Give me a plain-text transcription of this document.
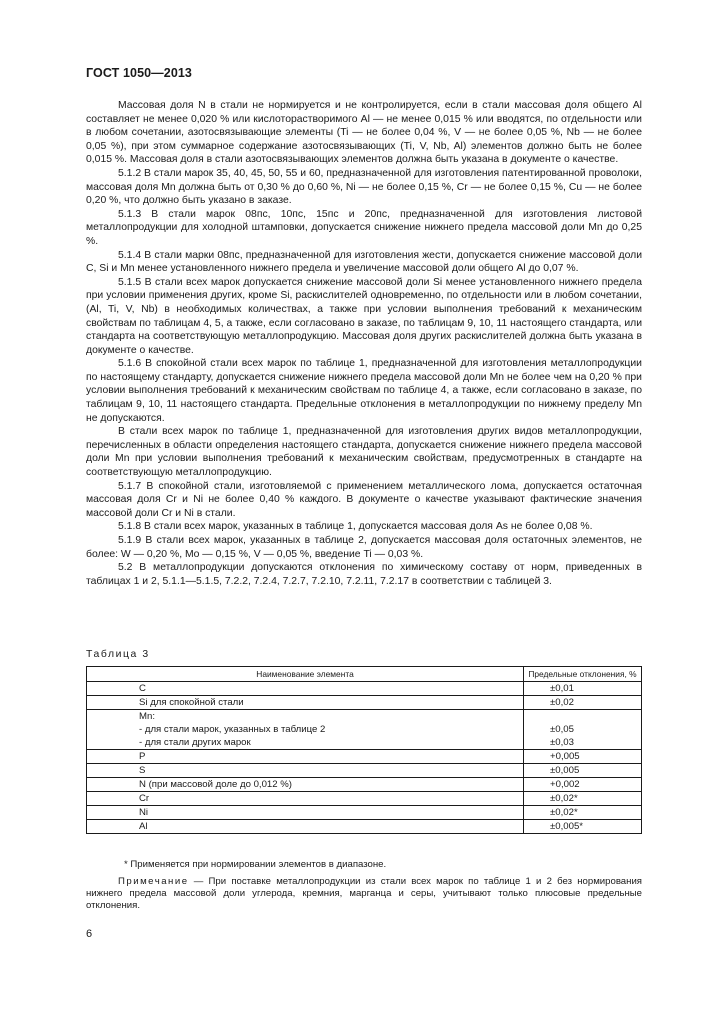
ГОСТ 1050—2013

Массовая доля N в стали не нормируется и не контролируется, если в стали массовая доля общего Al составляет не менее 0,020 % или кислоторастворимого Al — не менее 0,015 % или вводятся, по отдельности или в любом сочетании, азотосвязывающие элементы (Ti — не более 0,04 %, V — не более 0,05 %, Nb — не более 0,05 %), при этом суммарное содержание азотосвязывающих (Ti, V, Nb, Al) элементов должно быть не более 0,015 %. Массовая доля в стали азотосвязывающих элементов должна быть указана в документе о качестве.

5.1.2 В стали марок 35, 40, 45, 50, 55 и 60, предназначенной для изготовления патентированной проволоки, массовая доля Mn должна быть от 0,30 % до 0,60 %, Ni — не более 0,15 %, Cr — не более 0,15 %, Cu — не более 0,20 %, что должно быть указано в заказе.

5.1.3 В стали марок 08пс, 10пс, 15пс и 20пс, предназначенной для изготовления листовой металлопродукции для холодной штамповки, допускается снижение нижнего предела массовой доли Mn до 0,25 %.

5.1.4 В стали марки 08пс, предназначенной для изготовления жести, допускается снижение массовой доли C, Si и Mn менее установленного нижнего предела и увеличение массовой доли общего Al до 0,07 %.

5.1.5 В стали всех марок допускается снижение массовой доли Si менее установленного нижнего предела при условии применения других, кроме Si, раскислителей одновременно, по отдельности или в любом сочетании, (Al, Ti, V, Nb) в необходимых количествах, а также при условии выполнения требований к механическим свойствам по таблицам 4, 5, а также, если согласовано в заказе, по таблицам 9, 10, 11 настоящего стандарта, или стандарта на соответствующую металлопродукцию. Массовая доля других раскислителей должна быть указана в документе о качестве.

5.1.6 В спокойной стали всех марок по таблице 1, предназначенной для изготовления металлопродукции по настоящему стандарту, допускается снижение нижнего предела массовой доли Mn не более чем на 0,20 % при условии выполнения требований к механическим свойствам по таблице 4, а также, если согласовано в заказе, по таблицам 9, 10, 11 настоящего стандарта. Предельные отклонения в металлопродукции по нижнему пределу Mn не допускаются.

В стали всех марок по таблице 1, предназначенной для изготовления других видов металлопродукции, перечисленных в области определения настоящего стандарта, допускается снижение нижнего предела массовой доли Mn при условии выполнения требований к механическим свойствам, предусмотренных в стандарте на соответствующую металлопродукцию.

5.1.7 В спокойной стали, изготовляемой с применением металлического лома, допускается остаточная массовая доля Cr и Ni не более 0,40 % каждого. В документе о качестве указывают фактические значения массовой доли Cr и Ni в стали.

5.1.8 В стали всех марок, указанных в таблице 1, допускается массовая доля As не более 0,08 %.

5.1.9 В стали всех марок, указанных в таблице 2, допускается массовая доля остаточных элементов, не более: W — 0,20 %, Mo — 0,15 %, V — 0,05 %, введение Ti — 0,03 %.

5.2 В металлопродукции допускаются отклонения по химическому составу от норм, приведенных в таблицах 1 и 2, 5.1.1—5.1.5, 7.2.2, 7.2.4, 7.2.7, 7.2.10, 7.2.11, 7.2.17 в соответствии с таблицей 3.

Таблица 3
Наименование элемента	Предельные отклонения, %
C	±0,01
Si для спокойной стали	±0,02
Mn:	
- для стали марок, указанных в таблице 2	±0,05
- для стали других марок	±0,03
P	+0,005
S	±0,005
N (при массовой доле до 0,012 %)	+0,002
Cr	±0,02*
Ni	±0,02*
Al	±0,005*
* Применяется при нормировании элементов в диапазоне.

Примечание — При поставке металлопродукции из стали всех марок по таблице 1 и 2 без нормирования нижнего предела массовой доли углерода, кремния, марганца и серы, учитывают только плюсовые предельные отклонения.

6
